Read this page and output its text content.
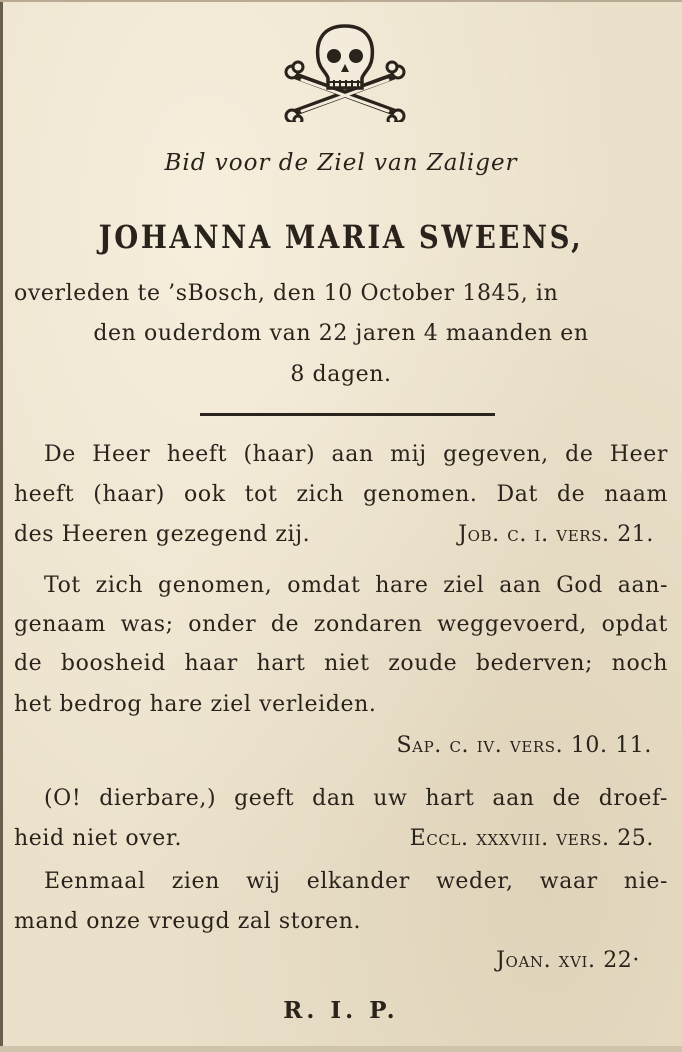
Bid voor de Ziel van Zaliger
JOHANNA MARIA SWEENS,
overleden te ’sBosch, den 10 October 1845, in
den ouderdom van 22 jaren 4 maanden en
8 dagen.
De Heer heeft (haar) aan mij gegeven, de Heer
heeft (haar) ook tot zich genomen. Dat de naam
des Heeren gezegend zij.	Job. c. i. vers. 21.
Tot zich genomen, omdat hare ziel aan God aan-
genaam was; onder de zondaren weggevoerd, opdat
de boosheid haar hart niet zoude bederven; noch
het bedrog hare ziel verleiden.
Sap. c. iv. vers. 10. 11.
(O! dierbare,) geeft dan uw hart aan de droef-
heid niet over.	Eccl. xxxviii. vers. 25.
Eenmaal zien wij elkander weder, waar nie-
mand onze vreugd zal storen.
Joan. xvi. 22·
R. I. P.
